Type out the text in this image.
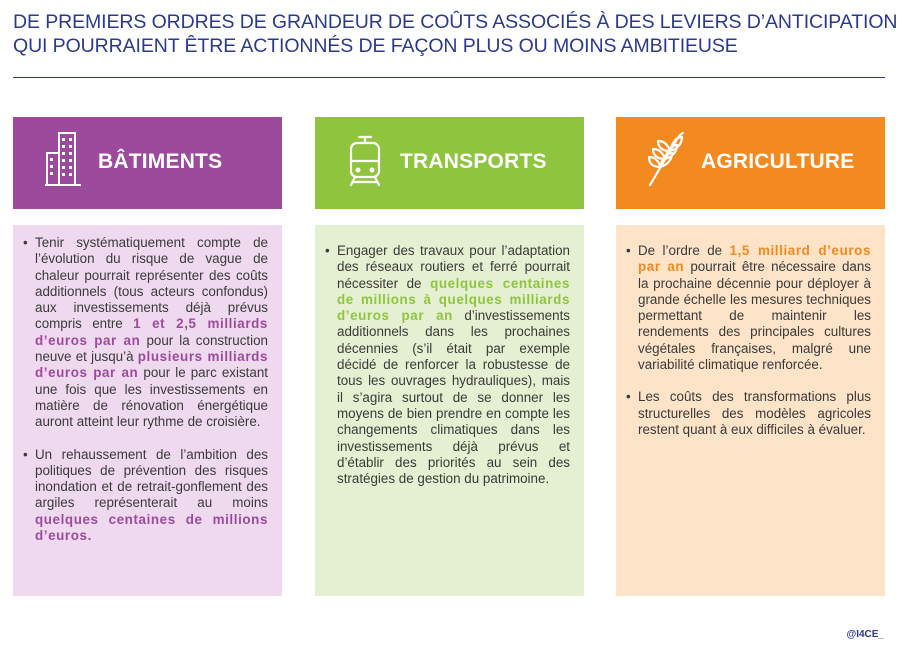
DE PREMIERS ORDRES DE GRANDEUR DE COÛTS ASSOCIÉS À DES LEVIERS D’ANTICIPATION
QUI POURRAIENT ÊTRE ACTIONNÉS DE FAÇON PLUS OU MOINS AMBITIEUSE
BÂTIMENTS
• Tenir systématiquement compte de l’évolution du risque de vague de chaleur pourrait représenter des coûts additionnels (tous acteurs confondus) aux investissements déjà prévus compris entre 1 et 2,5 milliards d’euros par an pour la construction neuve et jusqu’à plusieurs milliards d’euros par an pour le parc existant une fois que les investissements en matière de rénovation énergétique auront atteint leur rythme de croisière.
• Un rehaussement de l’ambition des politiques de prévention des risques inondation et de retrait-gonflement des argiles représenterait au moins quelques centaines de millions d’euros.
TRANSPORTS
• Engager des travaux pour l’adaptation des réseaux routiers et ferré pourrait nécessiter de quelques centaines de millions à quelques milliards d’euros par an d’investissements additionnels dans les prochaines décennies (s’il était par exemple décidé de renforcer la robustesse de tous les ouvrages hydrauliques), mais il s’agira surtout de se donner les moyens de bien prendre en compte les changements climatiques dans les investissements déjà prévus et d’établir des priorités au sein des stratégies de gestion du patrimoine.
AGRICULTURE
• De l’ordre de 1,5 milliard d’euros par an pourrait être nécessaire dans la prochaine décennie pour déployer à grande échelle les mesures techniques permettant de maintenir les rendements des principales cultures végétales françaises, malgré une variabilité climatique renforcée.
• Les coûts des transformations plus structurelles des modèles agricoles restent quant à eux difficiles à évaluer.
@I4CE_
